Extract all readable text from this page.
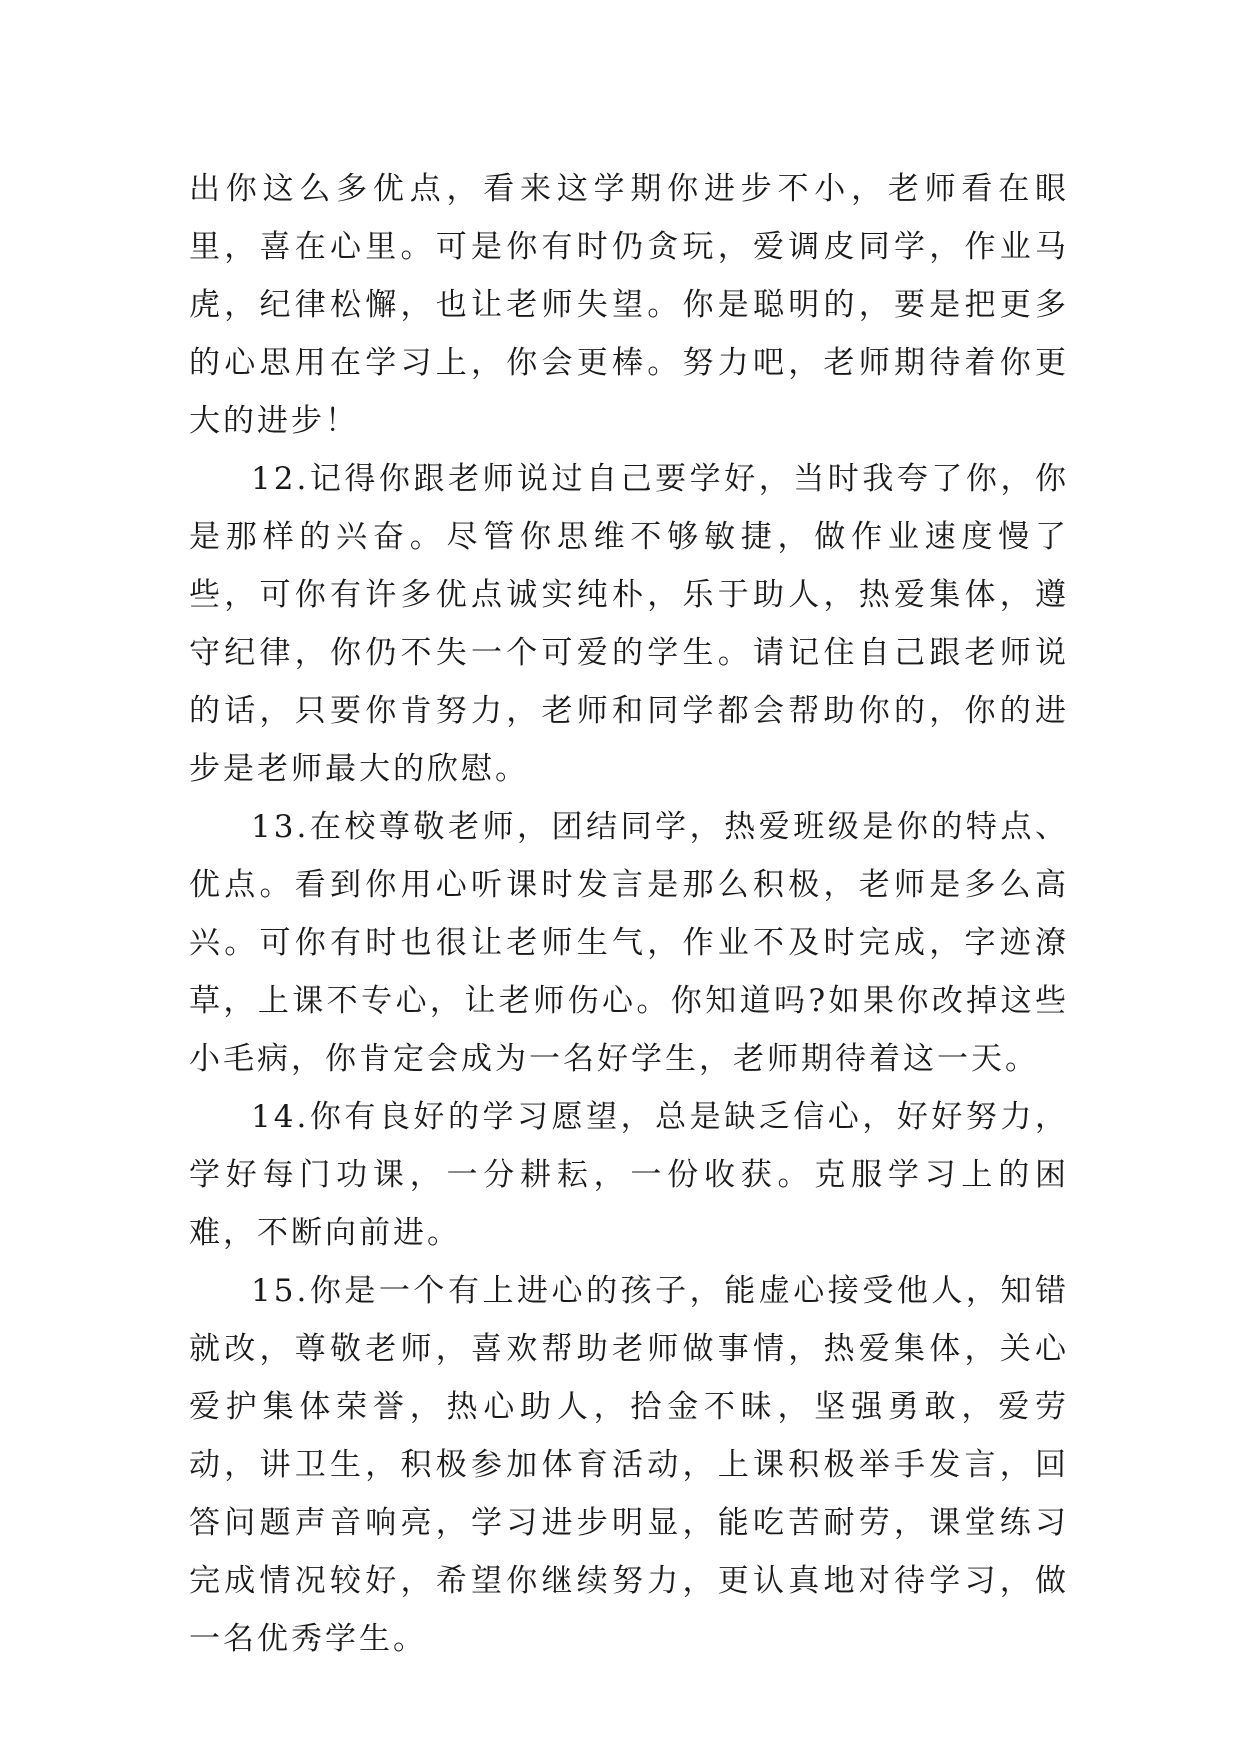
出你这么多优点，看来这学期你进步不小，老师看在眼里，喜在心里。可是你有时仍贪玩，爱调皮同学，作业马虎，纪律松懈，也让老师失望。你是聪明的，要是把更多的心思用在学习上，你会更棒。努力吧，老师期待着你更大的进步！

12.记得你跟老师说过自己要学好，当时我夸了你，你是那样的兴奋。尽管你思维不够敏捷，做作业速度慢了些，可你有许多优点诚实纯朴，乐于助人，热爱集体，遵守纪律，你仍不失一个可爱的学生。请记住自己跟老师说的话，只要你肯努力，老师和同学都会帮助你的，你的进步是老师最大的欣慰。

13.在校尊敬老师，团结同学，热爱班级是你的特点、优点。看到你用心听课时发言是那么积极，老师是多么高兴。可你有时也很让老师生气，作业不及时完成，字迹潦草，上课不专心，让老师伤心。你知道吗?如果你改掉这些小毛病，你肯定会成为一名好学生，老师期待着这一天。

14.你有良好的学习愿望，总是缺乏信心，好好努力，学好每门功课，一分耕耘，一份收获。克服学习上的困难，不断向前进。

15.你是一个有上进心的孩子，能虚心接受他人，知错就改，尊敬老师，喜欢帮助老师做事情，热爱集体，关心爱护集体荣誉，热心助人，拾金不昧，坚强勇敢，爱劳动，讲卫生，积极参加体育活动，上课积极举手发言，回答问题声音响亮，学习进步明显，能吃苦耐劳，课堂练习完成情况较好，希望你继续努力，更认真地对待学习，做一名优秀学生。
